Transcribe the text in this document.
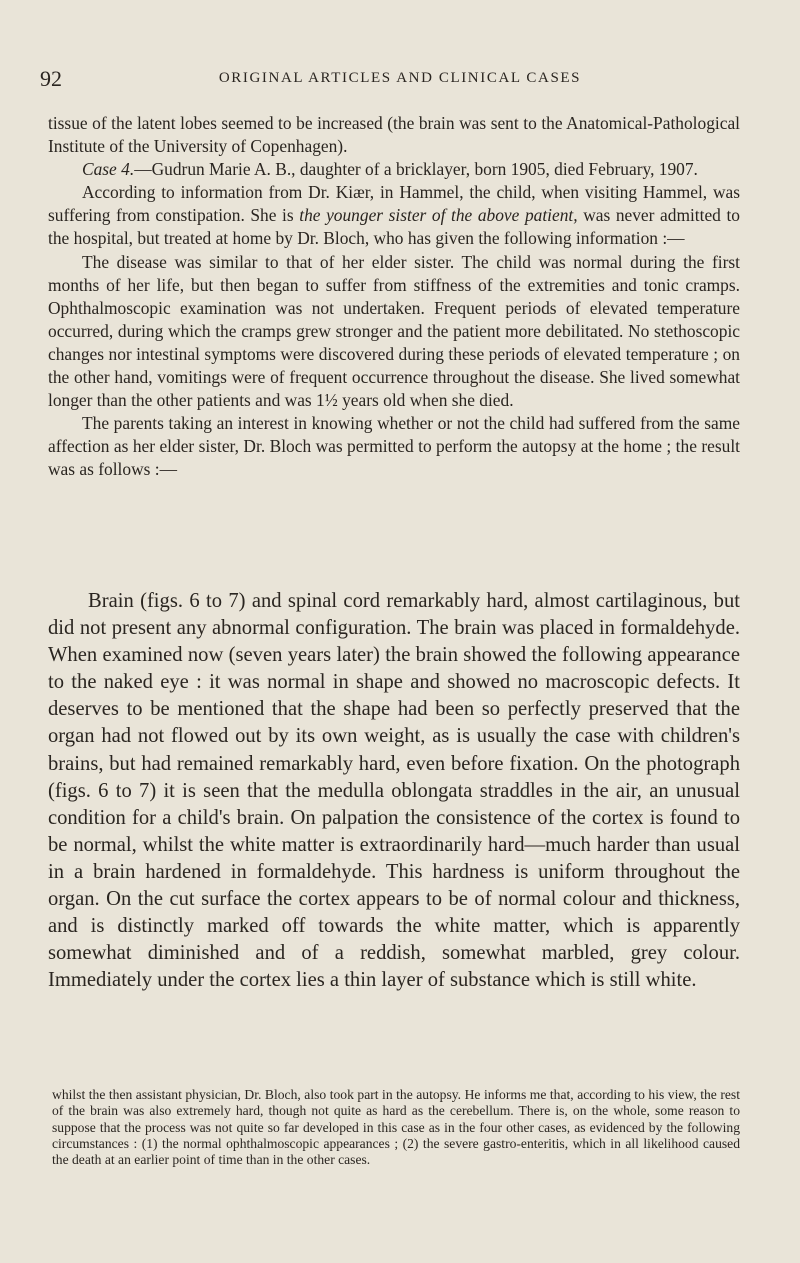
92	ORIGINAL ARTICLES AND CLINICAL CASES

tissue of the latent lobes seemed to be increased (the brain was sent to the Anatomical-Pathological Institute of the University of Copenhagen).

Case 4.—Gudrun Marie A. B., daughter of a bricklayer, born 1905, died February, 1907.

According to information from Dr. Kiær, in Hammel, the child, when visiting Hammel, was suffering from constipation. She is the younger sister of the above patient, was never admitted to the hospital, but treated at home by Dr. Bloch, who has given the following information :—

The disease was similar to that of her elder sister. The child was normal during the first months of her life, but then began to suffer from stiffness of the extremities and tonic cramps. Ophthalmoscopic examination was not undertaken. Frequent periods of elevated temperature occurred, during which the cramps grew stronger and the patient more debilitated. No stethoscopic changes nor intestinal symptoms were discovered during these periods of elevated temperature ; on the other hand, vomitings were of frequent occurrence throughout the disease. She lived somewhat longer than the other patients and was 1½ years old when she died.

The parents taking an interest in knowing whether or not the child had suffered from the same affection as her elder sister, Dr. Bloch was permitted to perform the autopsy at the home ; the result was as follows :—

Brain (figs. 6 to 7) and spinal cord remarkably hard, almost cartilaginous, but did not present any abnormal configuration. The brain was placed in formaldehyde. When examined now (seven years later) the brain showed the following appearance to the naked eye : it was normal in shape and showed no macroscopic defects. It deserves to be mentioned that the shape had been so perfectly preserved that the organ had not flowed out by its own weight, as is usually the case with children's brains, but had remained remarkably hard, even before fixation. On the photograph (figs. 6 to 7) it is seen that the medulla oblongata straddles in the air, an unusual condition for a child's brain. On palpation the consistence of the cortex is found to be normal, whilst the white matter is extraordinarily hard—much harder than usual in a brain hardened in formaldehyde. This hardness is uniform throughout the organ. On the cut surface the cortex appears to be of normal colour and thickness, and is distinctly marked off towards the white matter, which is apparently somewhat diminished and of a reddish, somewhat marbled, grey colour. Immediately under the cortex lies a thin layer of substance which is still white.

whilst the then assistant physician, Dr. Bloch, also took part in the autopsy. He informs me that, according to his view, the rest of the brain was also extremely hard, though not quite as hard as the cerebellum. There is, on the whole, some reason to suppose that the process was not quite so far developed in this case as in the four other cases, as evidenced by the following circumstances : (1) the normal ophthalmoscopic appearances ; (2) the severe gastro-enteritis, which in all likelihood caused the death at an earlier point of time than in the other cases.
